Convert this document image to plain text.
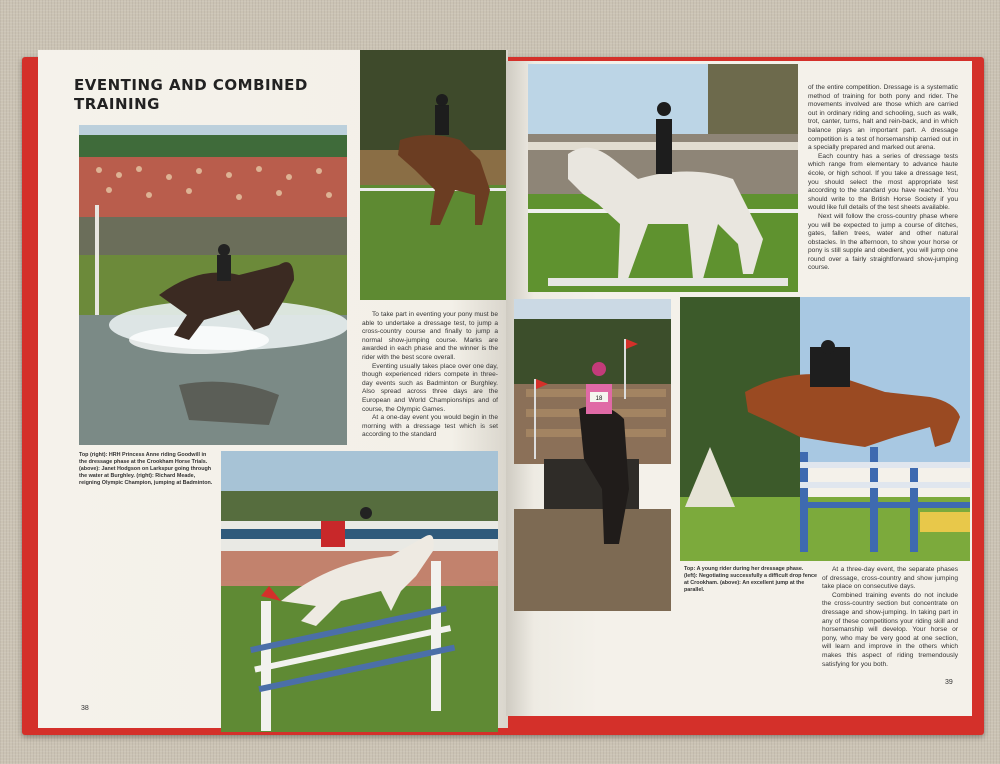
EVENTING AND COMBINED
TRAINING
Top (right): HRH Princess Anne riding Goodwill in the dressage phase at the Crookham Horse Trials. (above): Janet Hodgson on Larkspur going through the water at Burghley. (right): Richard Meade, reigning Olympic Champion, jumping at Badminton.
38

To take part in eventing your pony must be able to undertake a dressage test, to jump a cross-country course and finally to jump a normal show-jumping course. Marks are awarded in each phase and the winner is the rider with the best score overall.

Eventing usually takes place over one day, though experienced riders compete in three-day events such as Badminton or Burghley. Also spread across three days are the European and World Championships and of course, the Olympic Games.

At a one-day event you would begin in the morning with a dressage test which is set according to the standard

of the entire competition. Dressage is a systematic method of training for both pony and rider. The movements involved are those which are carried out in ordinary riding and schooling, such as walk, trot, canter, turns, halt and rein-back, and in which balance plays an important part. A dressage competition is a test of horsemanship carried out in a specially prepared and marked out arena.

Each country has a series of dressage tests which range from elementary to advance haute école, or high school. If you take a dressage test, you should select the most appropriate test according to the standard you have reached. You should write to the British Horse Society if you would like full details of the test sheets available.

Next will follow the cross-country phase where you will be expected to jump a course of ditches, gates, fallen trees, water and other natural obstacles. In the afternoon, to show your horse or pony is still supple and obedient, you will jump one round over a fairly straightforward show-jumping course.

18
Top: A young rider during her dressage phase. (left): Negotiating successfully a difficult drop fence at Crookham. (above): An excellent jump at the parallel.

At a three-day event, the separate phases of dressage, cross-country and show jumping take place on consecutive days.

Combined training events do not include the cross-country section but concentrate on dressage and show-jumping. In taking part in any of these competitions your riding skill and horsemanship will develop. Your horse or pony, who may be very good at one section, will learn and improve in the others which makes this aspect of riding tremendously satisfying for you both.

39
